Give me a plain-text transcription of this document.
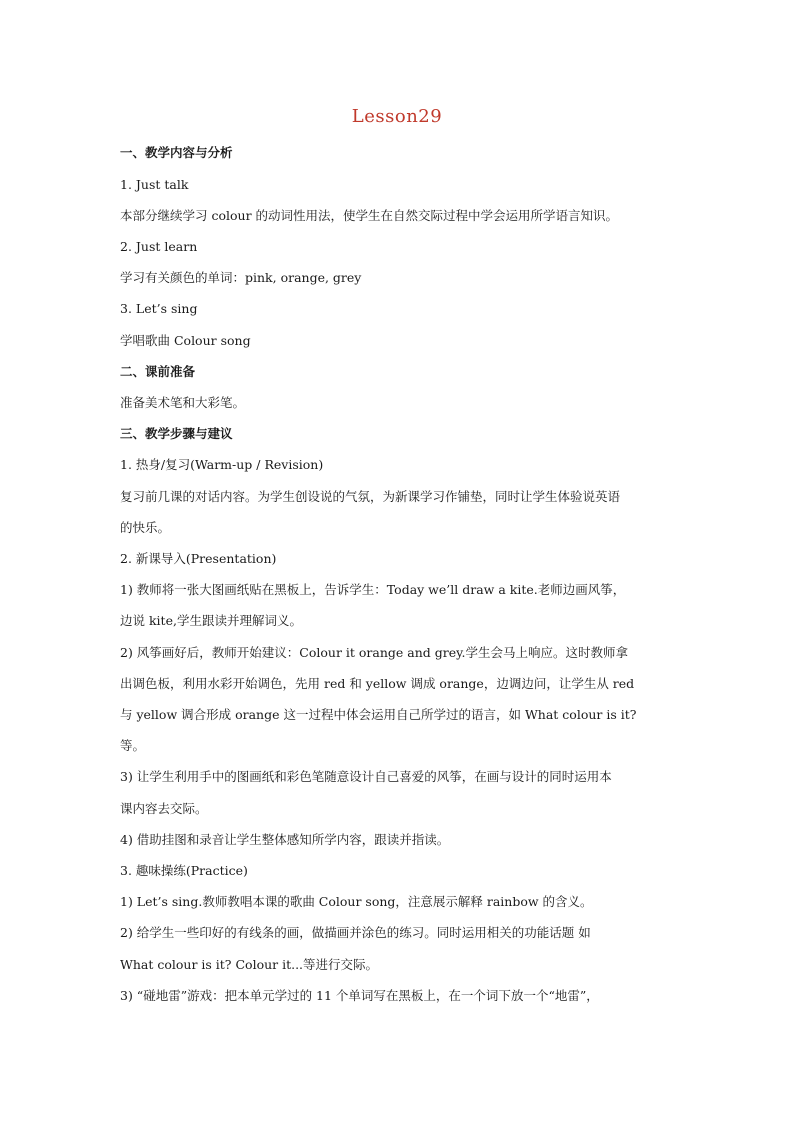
Lesson29
一、教学内容与分析
1. Just talk
本部分继续学习 colour 的动词性用法，使学生在自然交际过程中学会运用所学语言知识。
2. Just learn
学习有关颜色的单词：pink, orange, grey
3. Let’s sing
学唱歌曲 Colour song
二、课前准备
准备美术笔和大彩笔。
三、教学步骤与建议
1. 热身/复习(Warm-up / Revision)
复习前几课的对话内容。为学生创设说的气氛，为新课学习作铺垫，同时让学生体验说英语
的快乐。
2. 新课导入(Presentation)
1) 教师将一张大图画纸贴在黑板上，告诉学生：Today we’ll draw a kite.老师边画风筝，
边说 kite,学生跟读并理解词义。
2) 风筝画好后，教师开始建议：Colour it orange and grey.学生会马上响应。这时教师拿
出调色板，利用水彩开始调色，先用 red 和 yellow 调成 orange，边调边问，让学生从 red
与 yellow 调合形成 orange 这一过程中体会运用自己所学过的语言，如 What colour is it?
等。
3) 让学生利用手中的图画纸和彩色笔随意设计自己喜爱的风筝，在画与设计的同时运用本
课内容去交际。
4) 借助挂图和录音让学生整体感知所学内容，跟读并指读。
3. 趣味操练(Practice)
1) Let’s sing.教师教唱本课的歌曲 Colour song，注意展示解释 rainbow 的含义。
2) 给学生一些印好的有线条的画，做描画并涂色的练习。同时运用相关的功能话题 如
What colour is it? Colour it...等进行交际。
3) “碰地雷”游戏：把本单元学过的 11 个单词写在黑板上，在一个词下放一个“地雷”，
